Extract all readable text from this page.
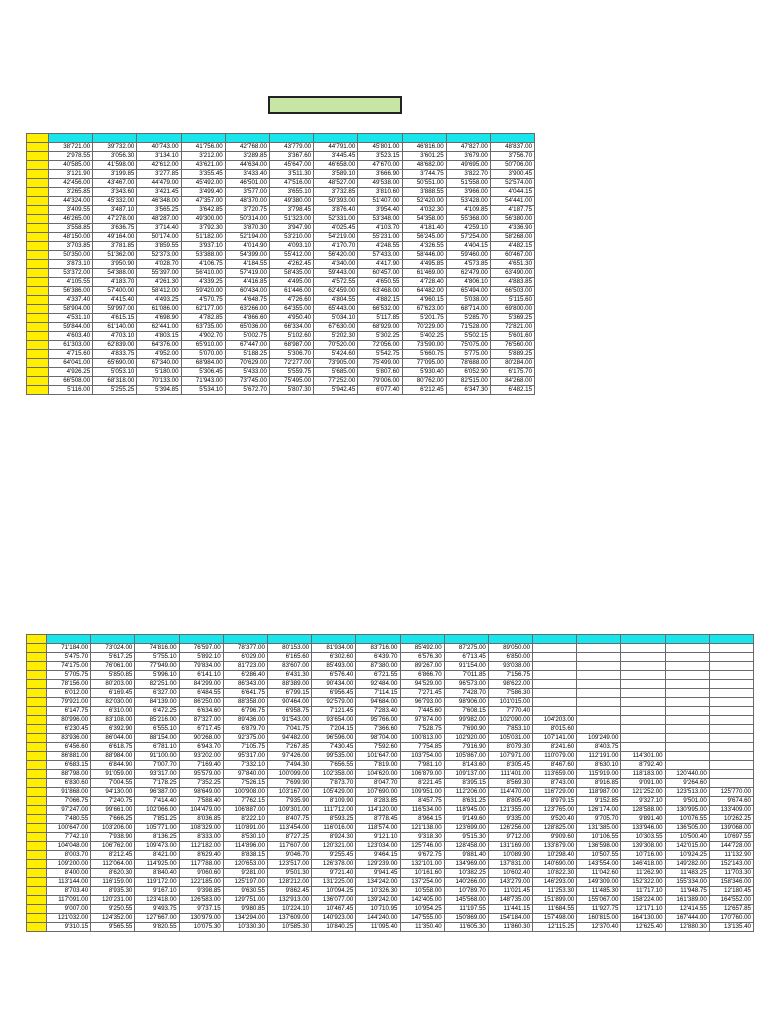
	38'721.00	39'732.00	40'743.00	41'756.00	42'768.00	43'779.00	44'791.00	45'801.00	46'816.00	47'827.00	48'837.00
	2'978.55	3'056.30	3'134.10	3'212.00	3'289.85	3'367.60	3'445.45	3'523.15	3'601.25	3'679.00	3'756.70
	40'585.00	41'598.00	42'612.00	43'621.00	44'634.00	45'647.00	46'658.00	47'670.00	48'682.00	49'695.00	50'706.00
	3'121.90	3'199.85	3'277.85	3'355.45	3'433.40	3'511.30	3'589.10	3'666.90	3'744.75	3'822.70	3'900.45
	42'456.00	43'467.00	44'479.00	45'492.00	46'501.00	47'516.00	48'527.00	49'538.00	50'551.00	51'558.00	52'574.00
	3'265.85	3'343.60	3'421.45	3'499.40	3'577.00	3'655.10	3'732.85	3'810.60	3'888.55	3'966.00	4'044.15
	44'324.00	45'332.00	46'348.00	47'357.00	48'370.00	49'380.00	50'393.00	51'407.00	52'420.00	53'428.00	54'441.00
	3'409.55	3'487.10	3'565.25	3'642.85	3'720.75	3'798.45	3'876.40	3'954.40	4'032.30	4'109.85	4'187.75
	46'265.00	47'278.00	48'287.00	49'300.00	50'314.00	51'323.00	52'331.00	53'348.00	54'358.00	55'368.00	56'380.00
	3'558.85	3'636.75	3'714.40	3'792.30	3'870.30	3'947.90	4'025.45	4'103.70	4'181.40	4'259.10	4'336.90
	48'150.00	49'164.00	50'174.00	51'182.00	52'194.00	53'210.00	54'219.00	55'231.00	56'245.00	57'254.00	58'268.00
	3'703.85	3'781.85	3'859.55	3'937.10	4'014.90	4'093.10	4'170.70	4'248.55	4'326.55	4'404.15	4'482.15
	50'350.00	51'362.00	52'373.00	53'388.00	54'399.00	55'412.00	56'420.00	57'433.00	58'446.00	59'460.00	60'467.00
	3'873.10	3'950.90	4'028.70	4'106.75	4'184.55	4'262.45	4'340.00	4'417.90	4'495.85	4'573.85	4'651.30
	53'372.00	54'388.00	55'397.00	56'410.00	57'419.00	58'435.00	59'443.00	60'457.00	61'469.00	62'479.00	63'490.00
	4'105.55	4'183.70	4'261.30	4'339.25	4'416.85	4'495.00	4'572.55	4'650.55	4'728.40	4'806.10	4'883.85
	56'386.00	57'400.00	58'412.00	59'420.00	60'434.00	61'446.00	62'459.00	63'468.00	64'482.00	65'494.00	66'503.00
	4'337.40	4'415.40	4'493.25	4'570.75	4'648.75	4'726.60	4'804.55	4'882.15	4'960.15	5'038.00	5'115.60
	58'904.00	59'997.00	61'086.00	62'177.00	63'266.00	64'355.00	65'443.00	66'532.00	67'623.00	68'714.00	69'800.00
	4'531.10	4'615.15	4'698.90	4'782.85	4'866.60	4'950.40	5'034.10	5'117.85	5'201.75	5'285.70	5'369.25
	59'844.00	61'140.00	62'441.00	63'735.00	65'036.00	66'334.00	67'630.00	68'929.00	70'229.00	71'528.00	72'821.00
	4'603.40	4'703.10	4'803.15	4'902.70	5'002.75	5'102.60	5'202.30	5'302.25	5'402.25	5'502.15	5'601.60
	61'303.00	62'839.00	64'376.00	65'910.00	67'447.00	68'987.00	70'520.00	72'056.00	73'590.00	75'075.00	76'560.00
	4'715.60	4'833.75	4'952.00	5'070.00	5'188.25	5'306.70	5'424.60	5'542.75	5'660.75	5'775.00	5'889.25
	64'041.00	65'690.00	67'340.00	68'984.00	70'629.00	72'277.00	73'905.00	75'499.00	77'095.00	78'688.00	80'284.00
	4'926.25	5'053.10	5'180.00	5'306.45	5'433.00	5'559.75	5'685.00	5'807.60	5'930.40	6'052.90	6'175.70
	66'508.00	68'318.00	70'133.00	71'943.00	73'745.00	75'495.00	77'252.00	79'006.00	80'762.00	82'515.00	84'268.00
	5'116.00	5'255.25	5'394.85	5'534.10	5'672.70	5'807.30	5'942.45	6'077.40	6'212.45	6'347.30	6'482.15

	71'184.00	73'024.00	74'816.00	76'597.00	78'377.00	80'153.00	81'934.00	83'716.00	85'492.00	87'275.00	89'050.00					
	5'475.70	5'617.25	5'755.10	5'892.10	6'029.00	6'165.60	6'302.60	6'439.70	6'576.30	6'713.45	6'850.00					
	74'175.00	76'061.00	77'949.00	79'834.00	81'723.00	83'607.00	85'493.00	87'380.00	89'267.00	91'154.00	93'038.00					
	5'705.75	5'850.85	5'996.10	6'141.10	6'286.40	6'431.30	6'576.40	6'721.55	6'866.70	7'011.85	7'156.75					
	78'156.00	80'203.00	82'251.00	84'299.00	86'343.00	88'389.00	90'434.00	92'484.00	94'529.00	96'573.00	98'622.00					
	6'012.00	6'169.45	6'327.00	6'484.55	6'641.75	6'799.15	6'956.45	7'114.15	7'271.45	7'428.70	7'586.30					
	79'921.00	82'030.00	84'139.00	86'250.00	88'358.00	90'464.00	92'579.00	94'684.00	96'793.00	98'906.00	101'015.00					
	6'147.75	6'310.00	6'472.25	6'634.60	6'796.75	6'958.75	7'121.45	7'283.40	7'445.60	7'608.15	7'770.40					
	80'996.00	83'108.00	85'216.00	87'327.00	89'436.00	91'543.00	93'654.00	95'766.00	97'874.00	99'982.00	102'090.00	104'203.00				
	6'230.45	6'392.90	6'555.10	6'717.45	6'879.70	7'041.75	7'204.15	7'366.60	7'528.75	7'690.90	7'853.10	8'015.60				
	83'936.00	86'044.00	88'154.00	90'268.00	92'375.00	94'482.00	96'596.00	98'704.00	100'813.00	102'920.00	105'031.00	107'141.00	109'249.00			
	6'456.60	6'618.75	6'781.10	6'943.70	7'105.75	7'267.85	7'430.45	7'592.60	7'754.85	7'916.90	8'079.30	8'241.60	8'403.75			
	86'881.00	88'984.00	91'100.00	93'202.00	95'317.00	97'426.00	99'535.00	101'647.00	103'754.00	105'867.00	107'971.00	110'079.00	112'191.00	114'301.00		
	6'683.15	6'844.90	7'007.70	7'169.40	7'332.10	7'494.30	7'656.55	7'819.00	7'981.10	8'143.60	8'305.45	8'467.60	8'630.10	8'792.40		
	88'798.00	91'059.00	93'317.00	95'579.00	97'840.00	100'099.00	102'358.00	104'620.00	106'879.00	109'137.00	111'401.00	113'659.00	115'919.00	118'183.00	120'440.00	
	6'830.60	7'004.55	7'178.25	7'352.25	7'526.15	7'699.90	7'873.70	8'047.70	8'221.45	8'395.15	8'569.30	8'743.00	8'916.85	9'091.00	9'264.60	
	91'868.00	94'130.00	96'387.00	98'649.00	100'908.00	103'167.00	105'429.00	107'690.00	109'951.00	112'206.00	114'470.00	116'729.00	118'987.00	121'252.00	123'513.00	125'770.00
	7'066.75	7'240.75	7'414.40	7'588.40	7'762.15	7'935.90	8'109.90	8'283.85	8'457.75	8'631.25	8'805.40	8'979.15	9'152.85	9'327.10	9'501.00	9'674.60
	97'247.00	99'661.00	102'066.00	104'479.00	106'887.00	109'301.00	111'712.00	114'120.00	116'534.00	118'945.00	121'355.00	123'765.00	126'174.00	128'588.00	130'995.00	133'409.00
	7'480.55	7'666.25	7'851.25	8'036.85	8'222.10	8'407.75	8'593.25	8'778.45	8'964.15	9'149.60	9'335.00	9'520.40	9'705.70	9'891.40	10'076.55	10'262.25
	100'647.00	103'206.00	105'771.00	108'329.00	110'891.00	113'454.00	116'016.00	118'574.00	121'138.00	123'699.00	126'256.00	128'825.00	131'385.00	133'946.00	136'505.00	139'068.00
	7'742.10	7'938.90	8'136.25	8'333.00	8'530.10	8'727.25	8'924.30	9'121.10	9'318.30	9'515.30	9'712.00	9'909.60	10'106.55	10'303.55	10'500.40	10'697.55
	104'048.00	106'762.00	109'473.00	112'182.00	114'896.00	117'607.00	120'321.00	123'034.00	125'746.00	128'458.00	131'169.00	133'879.00	136'598.00	139'308.00	142'015.00	144'728.00
	8'003.70	8'212.45	8'421.00	8'629.40	8'838.15	9'046.70	9'255.45	9'464.15	9'672.75	9'881.40	10'089.90	10'298.40	10'507.55	10'716.00	10'924.25	11'132.90
	109'200.00	112'064.00	114'925.00	117'788.00	120'653.00	123'517.00	126'378.00	129'239.00	132'101.00	134'969.00	137'831.00	140'690.00	143'554.00	146'418.00	149'282.00	152'143.00
	8'400.00	8'620.30	8'840.40	9'060.60	9'281.00	9'501.30	9'721.40	9'941.45	10'161.60	10'382.25	10'602.40	10'822.30	11'042.60	11'262.90	11'483.25	11'703.30
	113'144.00	116'159.00	119'172.00	122'185.00	125'197.00	128'212.00	131'225.00	134'242.00	137'254.00	140'266.00	143'279.00	146'293.00	149'309.00	152'322.00	155'334.00	158'346.00
	8'703.40	8'935.30	9'167.10	9'398.85	9'630.55	9'862.45	10'094.25	10'326.30	10'558.00	10'789.70	11'021.45	11'253.30	11'485.30	11'717.10	11'948.75	12'180.45
	117'091.00	120'231.00	123'418.00	126'583.00	129'751.00	132'913.00	136'077.00	139'242.00	142'405.00	145'568.00	148'735.00	151'899.00	155'067.00	158'224.00	161'389.00	164'552.00
	9'007.00	9'250.55	9'493.75	9'737.15	9'980.85	10'224.10	10'467.45	10'710.95	10'954.25	11'197.55	11'441.15	11'684.55	11'927.75	12'171.10	12'414.55	12'657.85
	121'032.00	124'352.00	127'667.00	130'979.00	134'294.00	137'609.00	140'923.00	144'240.00	147'555.00	150'869.00	154'184.00	157'498.00	160'815.00	164'130.00	167'444.00	170'760.00
	9'310.15	9'565.55	9'820.55	10'075.30	10'330.30	10'585.30	10'840.25	11'095.40	11'350.40	11'605.30	11'860.30	12'115.25	12'370.40	12'625.40	12'880.30	13'135.40
